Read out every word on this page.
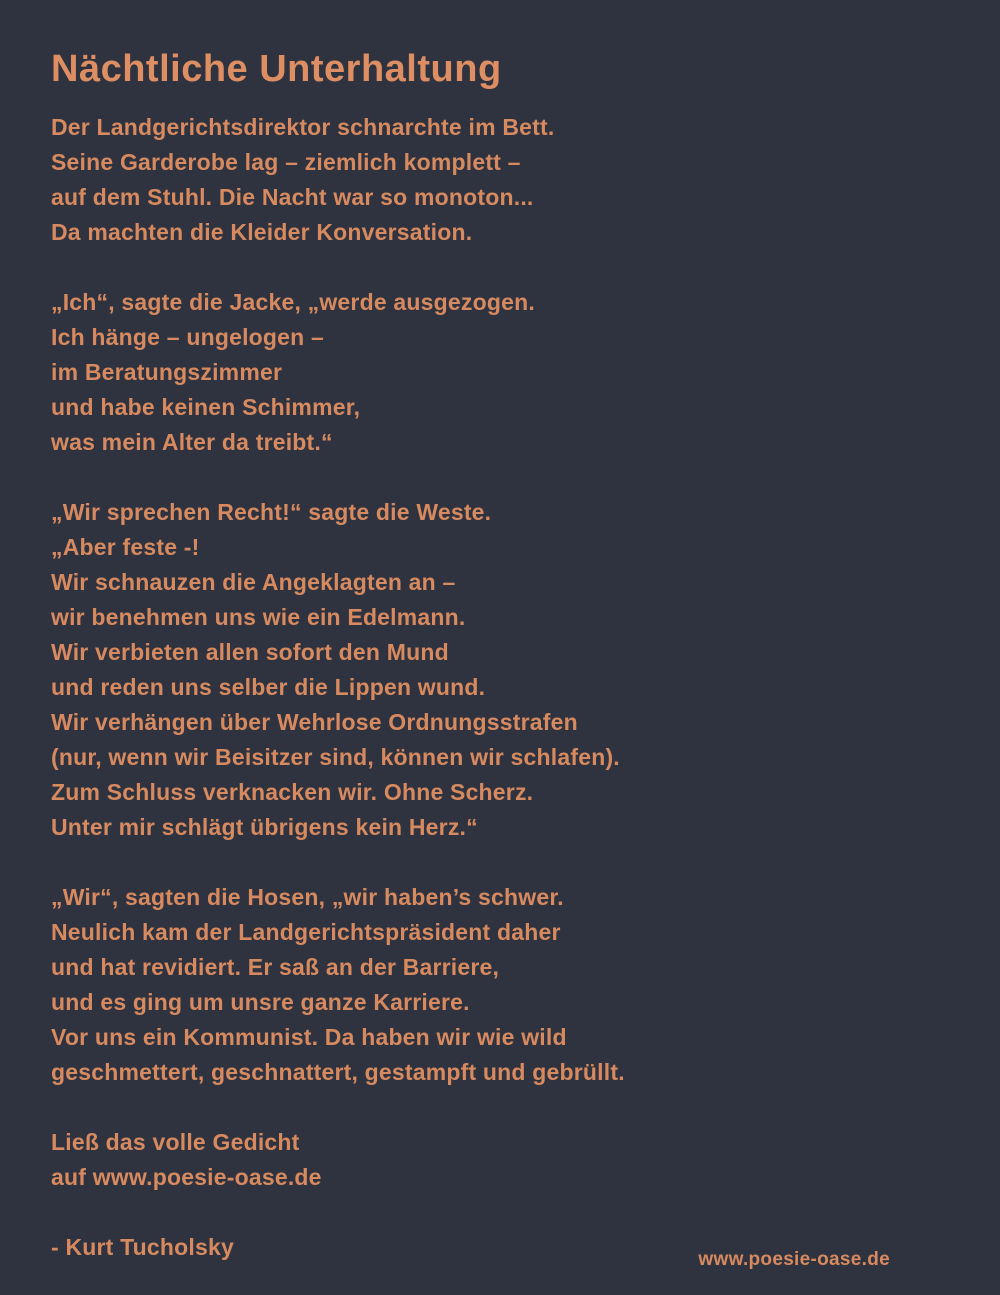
Nächtliche Unterhaltung
Der Landgerichtsdirektor schnarchte im Bett.
Seine Garderobe lag – ziemlich komplett –
auf dem Stuhl. Die Nacht war so monoton...
Da machten die Kleider Konversation.
„Ich“, sagte die Jacke, „werde ausgezogen.
Ich hänge – ungelogen –
im Beratungszimmer
und habe keinen Schimmer,
was mein Alter da treibt.“
„Wir sprechen Recht!“ sagte die Weste.
„Aber feste -!
Wir schnauzen die Angeklagten an –
wir benehmen uns wie ein Edelmann.
Wir verbieten allen sofort den Mund
und reden uns selber die Lippen wund.
Wir verhängen über Wehrlose Ordnungsstrafen
(nur, wenn wir Beisitzer sind, können wir schlafen).
Zum Schluss verknacken wir. Ohne Scherz.
Unter mir schlägt übrigens kein Herz.“
„Wir“, sagten die Hosen, „wir haben’s schwer.
Neulich kam der Landgerichtspräsident daher
und hat revidiert. Er saß an der Barriere,
und es ging um unsre ganze Karriere.
Vor uns ein Kommunist. Da haben wir wie wild
geschmettert, geschnattert, gestampft und gebrüllt.
Ließ das volle Gedicht
auf www.poesie-oase.de
- Kurt Tucholsky	www.poesie-oase.de
